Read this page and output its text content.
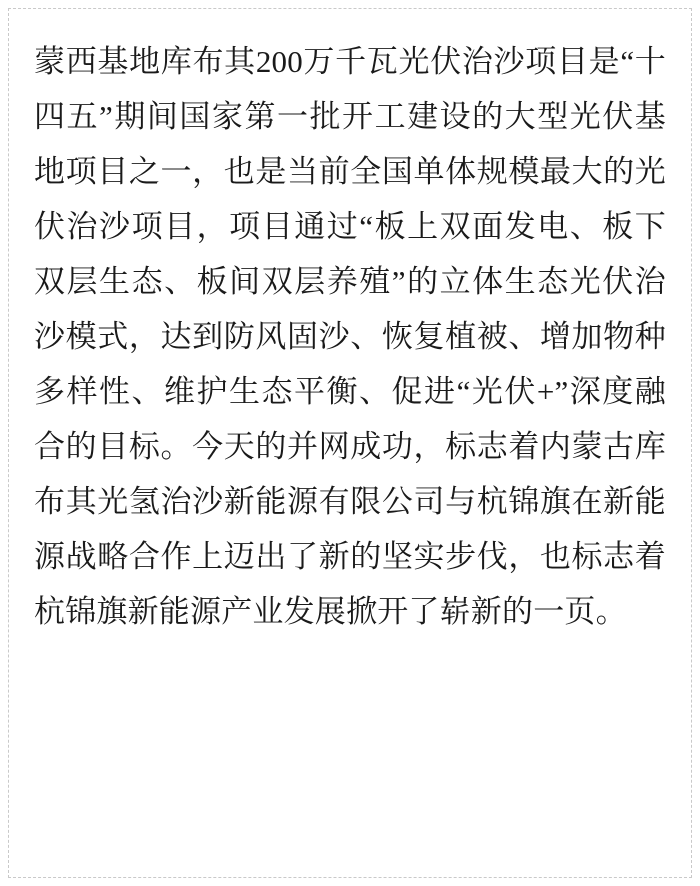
蒙西基地库布其200万千瓦光伏治沙项目是“十四五”期间国家第一批开工建设的大型光伏基地项目之一，也是当前全国单体规模最大的光伏治沙项目，项目通过“板上双面发电、板下双层生态、板间双层养殖”的立体生态光伏治沙模式，达到防风固沙、恢复植被、增加物种多样性、维护生态平衡、促进“光伏+”深度融合的目标。今天的并网成功，标志着内蒙古库布其光氢治沙新能源有限公司与杭锦旗在新能源战略合作上迈出了新的坚实步伐，也标志着杭锦旗新能源产业发展掀开了崭新的一页。
